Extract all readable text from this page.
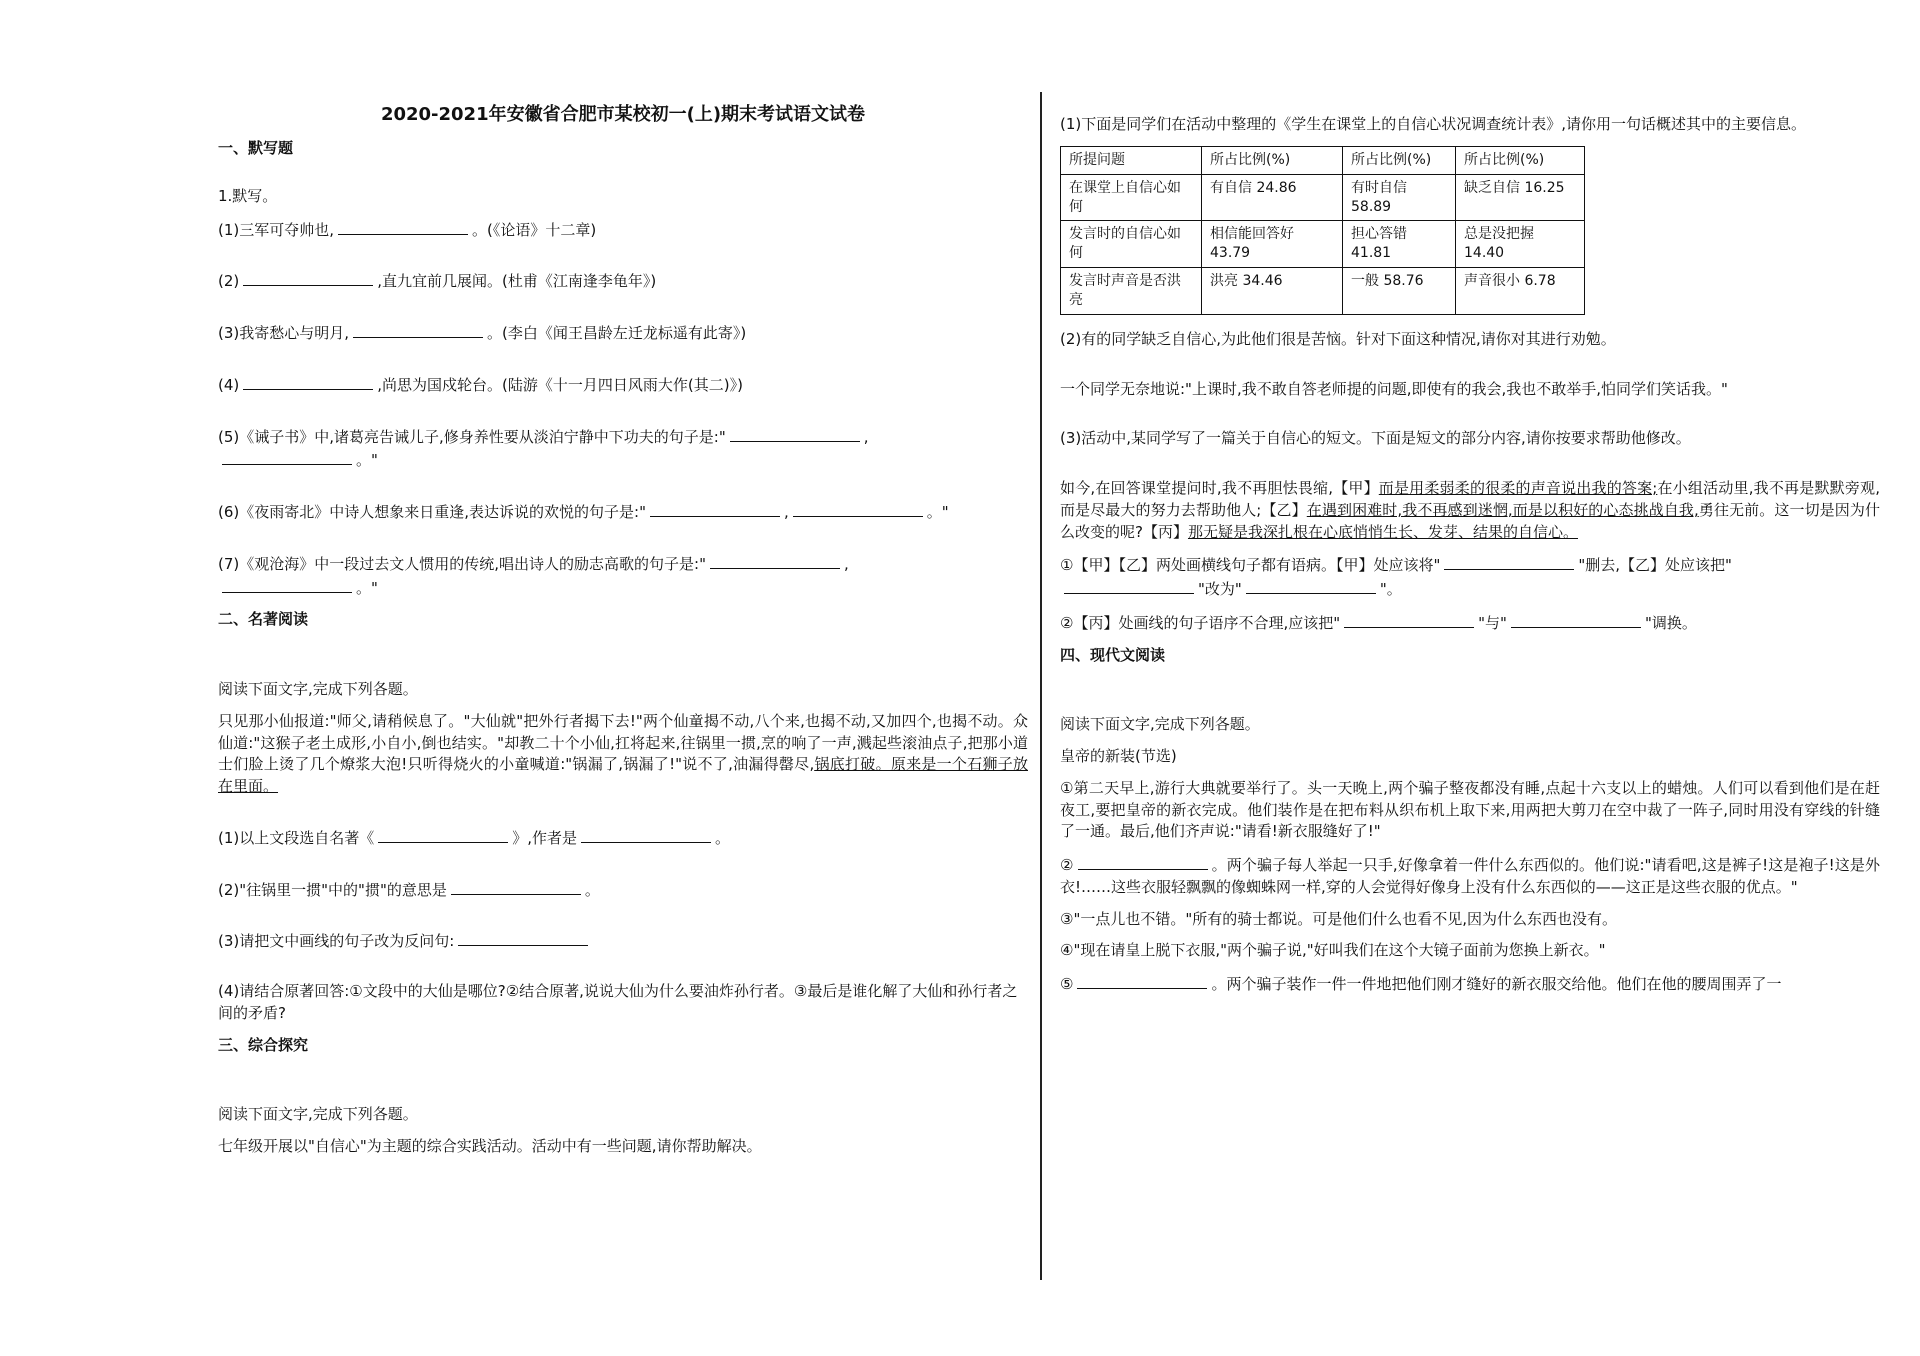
2020-2021年安徽省合肥市某校初一(上)期末考试语文试卷
一、默写题
1.默写。
(1)三军可夺帅也,	。(《论语》十二章)
(2)	,直九宜前几展闻。(杜甫《江南逢李龟年》)
(3)我寄愁心与明月,	。(李白《闻王昌龄左迁龙标遥有此寄》)
(4)	,尚思为国戍轮台。(陆游《十一月四日风雨大作(其二)》)
(5)《诫子书》中,诸葛亮告诫儿子,修身养性要从淡泊宁静中下功夫的句子是:"	,
。"
(6)《夜雨寄北》中诗人想象来日重逢,表达诉说的欢悦的句子是:"	,	。"
(7)《观沧海》中一段过去文人惯用的传统,唱出诗人的励志高歌的句子是:"	,
。"
二、名著阅读
阅读下面文字,完成下列各题。
只见那小仙报道:"师父,请稍候息了。"大仙就"把外行者揭下去!"两个仙童揭不动,八个来,也揭不动,又加四个,也揭不动。众仙道:"这猴子老土成形,小自小,倒也结实。"却教二十个小仙,扛将起来,往锅里一掼,烹的响了一声,溅起些滚油点子,把那小道士们脸上烫了几个燎浆大泡!只听得烧火的小童喊道:"锅漏了,锅漏了!"说不了,油漏得罄尽,锅底打破。原来是一个石狮子放在里面。
(1)以上文段选自名著《	》,作者是	。
(2)"往锅里一掼"中的"掼"的意思是	。
(3)请把文中画线的句子改为反问句:
(4)请结合原著回答:①文段中的大仙是哪位?②结合原著,说说大仙为什么要油炸孙行者。③最后是谁化解了大仙和孙行者之间的矛盾?
三、综合探究
阅读下面文字,完成下列各题。
七年级开展以"自信心"为主题的综合实践活动。活动中有一些问题,请你帮助解决。
(1)下面是同学们在活动中整理的《学生在课堂上的自信心状况调查统计表》,请你用一句话概述其中的主要信息。
所提问题	所占比例(%)	所占比例(%)	所占比例(%)
在课堂上自信心如何	有自信 24.86	有时自信 58.89	缺乏自信 16.25
发言时的自信心如何	相信能回答好 43.79	担心答错 41.81	总是没把握 14.40
发言时声音是否洪亮	洪亮 34.46	一般 58.76	声音很小 6.78
(2)有的同学缺乏自信心,为此他们很是苦恼。针对下面这种情况,请你对其进行劝勉。
一个同学无奈地说:"上课时,我不敢自答老师提的问题,即使有的我会,我也不敢举手,怕同学们笑话我。"
(3)活动中,某同学写了一篇关于自信心的短文。下面是短文的部分内容,请你按要求帮助他修改。
如今,在回答课堂提问时,我不再胆怯畏缩,【甲】而是用柔弱柔的很柔的声音说出我的答案;在小组活动里,我不再是默默旁观,而是尽最大的努力去帮助他人;【乙】在遇到困难时,我不再感到迷惘,而是以积好的心态挑战自我,勇往无前。这一切是因为什么改变的呢?【丙】那无疑是我深扎根在心底悄悄生长、发芽、结果的自信心。
①【甲】【乙】两处画横线句子都有语病。【甲】处应该将"	"删去,【乙】处应该把"
"改为"	"。
②【丙】处画线的句子语序不合理,应该把"	"与"	"调换。
四、现代文阅读
阅读下面文字,完成下列各题。
皇帝的新装(节选)
①第二天早上,游行大典就要举行了。头一天晚上,两个骗子整夜都没有睡,点起十六支以上的蜡烛。人们可以看到他们是在赶夜工,要把皇帝的新衣完成。他们装作是在把布料从织布机上取下来,用两把大剪刀在空中裁了一阵子,同时用没有穿线的针缝了一通。最后,他们齐声说:"请看!新衣服缝好了!"
②	。两个骗子每人举起一只手,好像拿着一件什么东西似的。他们说:"请看吧,这是裤子!这是袍子!这是外衣!……这些衣服轻飘飘的像蜘蛛网一样,穿的人会觉得好像身上没有什么东西似的——这正是这些衣服的优点。"
③"一点儿也不错。"所有的骑士都说。可是他们什么也看不见,因为什么东西也没有。
④"现在请皇上脱下衣服,"两个骗子说,"好叫我们在这个大镜子面前为您换上新衣。"
⑤	。两个骗子装作一件一件地把他们刚才缝好的新衣服交给他。他们在他的腰周围弄了一
